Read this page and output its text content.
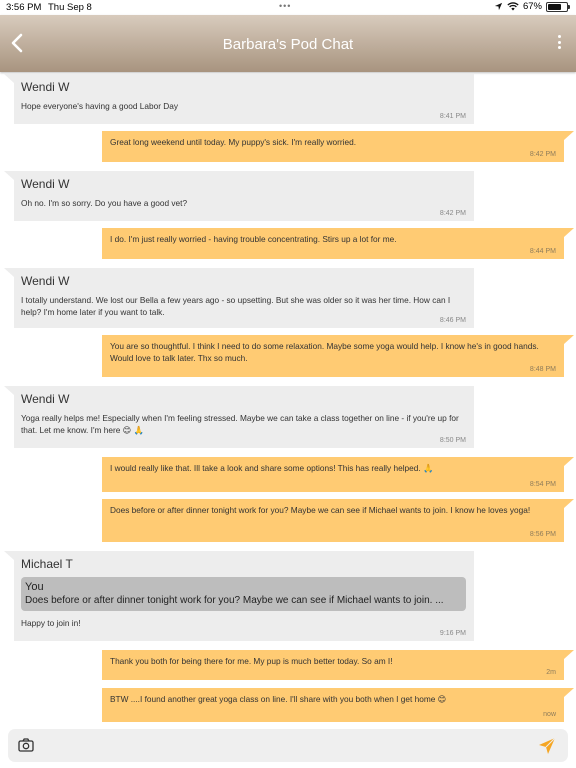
3:56 PM Thu Sep 8	•••	67%
Barbara's Pod Chat
Wendi W
Hope everyone's having a good Labor Day
8:41 PM
Great long weekend until today. My puppy's sick. I'm really worried.
8:42 PM
Wendi W
Oh no. I'm so sorry. Do you have a good vet?
8:42 PM
I do. I'm just really worried - having trouble concentrating. Stirs up a lot for me.
8:44 PM
Wendi W
I totally understand. We lost our Bella a few years ago - so upsetting. But she was older so it was her time. How can I help? I'm home later if you want to talk.
8:46 PM
You are so thoughtful. I think I need to do some relaxation. Maybe some yoga would help. I know he's in good hands. Would love to talk later. Thx so much.
8:48 PM
Wendi W
Yoga really helps me! Especially when I'm feeling stressed. Maybe we can take a class together on line - if you're up for that. Let me know. I'm here 😊 🙏
8:50 PM
I would really like that. Ill take a look and share some options! This has really helped. 🙏
8:54 PM
Does before or after dinner tonight work for you? Maybe we can see if Michael wants to join. I know he loves yoga!
8:56 PM
Michael T
You
Does before or after dinner tonight work for you? Maybe we can see if Michael wants to join. ...
Happy to join in!
9:16 PM
Thank you both for being there for me. My pup is much better today. So am I!
2m
BTW ....I found another great yoga class on line. I'll share with you both when I get home 😊
now
